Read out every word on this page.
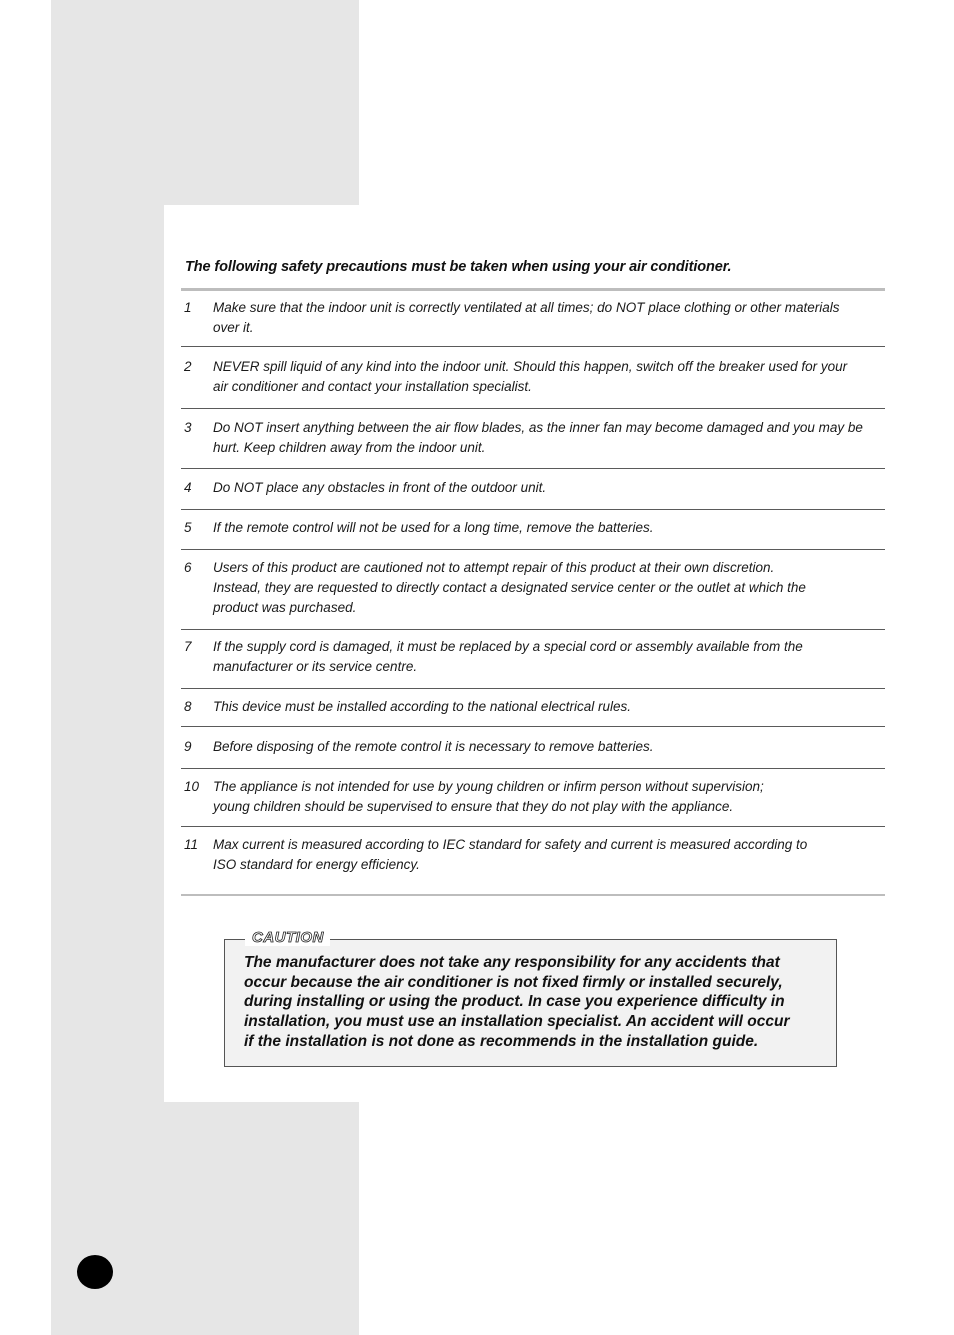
The following safety precautions must be taken when using your air conditioner.
1	Make sure that the indoor unit is correctly ventilated at all times; do NOT place clothing or other materials
over it.
2	NEVER spill liquid of any kind into the indoor unit. Should this happen, switch off the breaker used for your
air conditioner and contact your installation specialist.
3	Do NOT insert anything between the air flow blades, as the inner fan may become damaged and you may be
hurt. Keep children away from the indoor unit.
4	Do NOT place any obstacles in front of the outdoor unit.
5	If the remote control will not be used for a long time, remove the batteries.
6	Users of this product are cautioned not to attempt repair of this product at their own discretion.
Instead, they are requested to directly contact a designated service center or the outlet at which the
product was purchased.
7	If the supply cord is damaged, it must be replaced by a special cord or assembly available from the
manufacturer or its service centre.
8	This device must be installed according to the national electrical rules.
9	Before disposing of the remote control it is necessary to remove batteries.
10	The appliance is not intended for use by young children or infirm person without supervision;
young children should be supervised to ensure that they do not play with the appliance.
11	Max current is measured according to IEC standard for safety and current is measured according to
ISO standard for energy efficiency.
CAUTION
The manufacturer does not take any responsibility for any accidents that
occur because the air conditioner is not fixed firmly or installed securely,
during installing or using the product. In case you experience difficulty in
installation, you must use an installation specialist. An accident will occur
if the installation is not done as recommends in the installation guide.
